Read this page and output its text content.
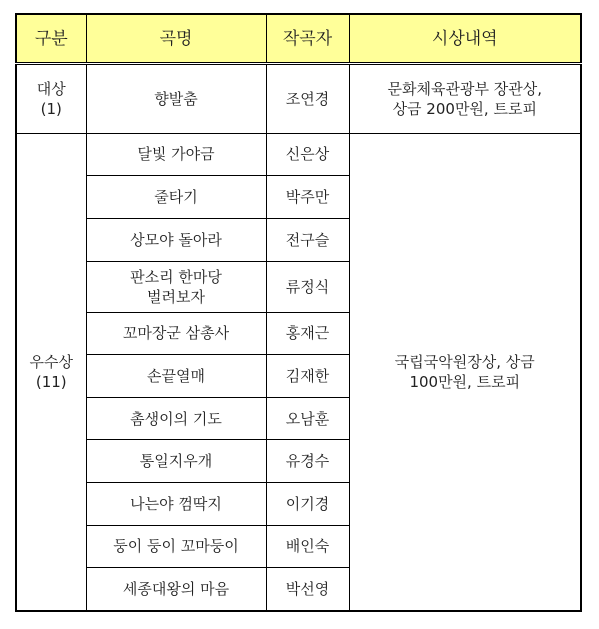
구분	곡명	작곡자	시상내역

대상
(1)	향발춤	조연경	문화체육관광부 장관상,
상금 200만원, 트로피

우수상
(11)	달빛 가야금	신은상	국립국악원장상, 상금
100만원, 트로피

	줄타기	박주만	
	상모야 돌아라	전구슬	

	판소리 한마당
벌려보자	류정식	
	꼬마장군 삼총사	홍재근	
	손끝열매	김재한	
	촘생이의 기도	오남훈	
	통일지우개	유경수	
	나는야 껌딱지	이기경	
	둥이 둥이 꼬마둥이	배인숙	
	세종대왕의 마음	박선영	
